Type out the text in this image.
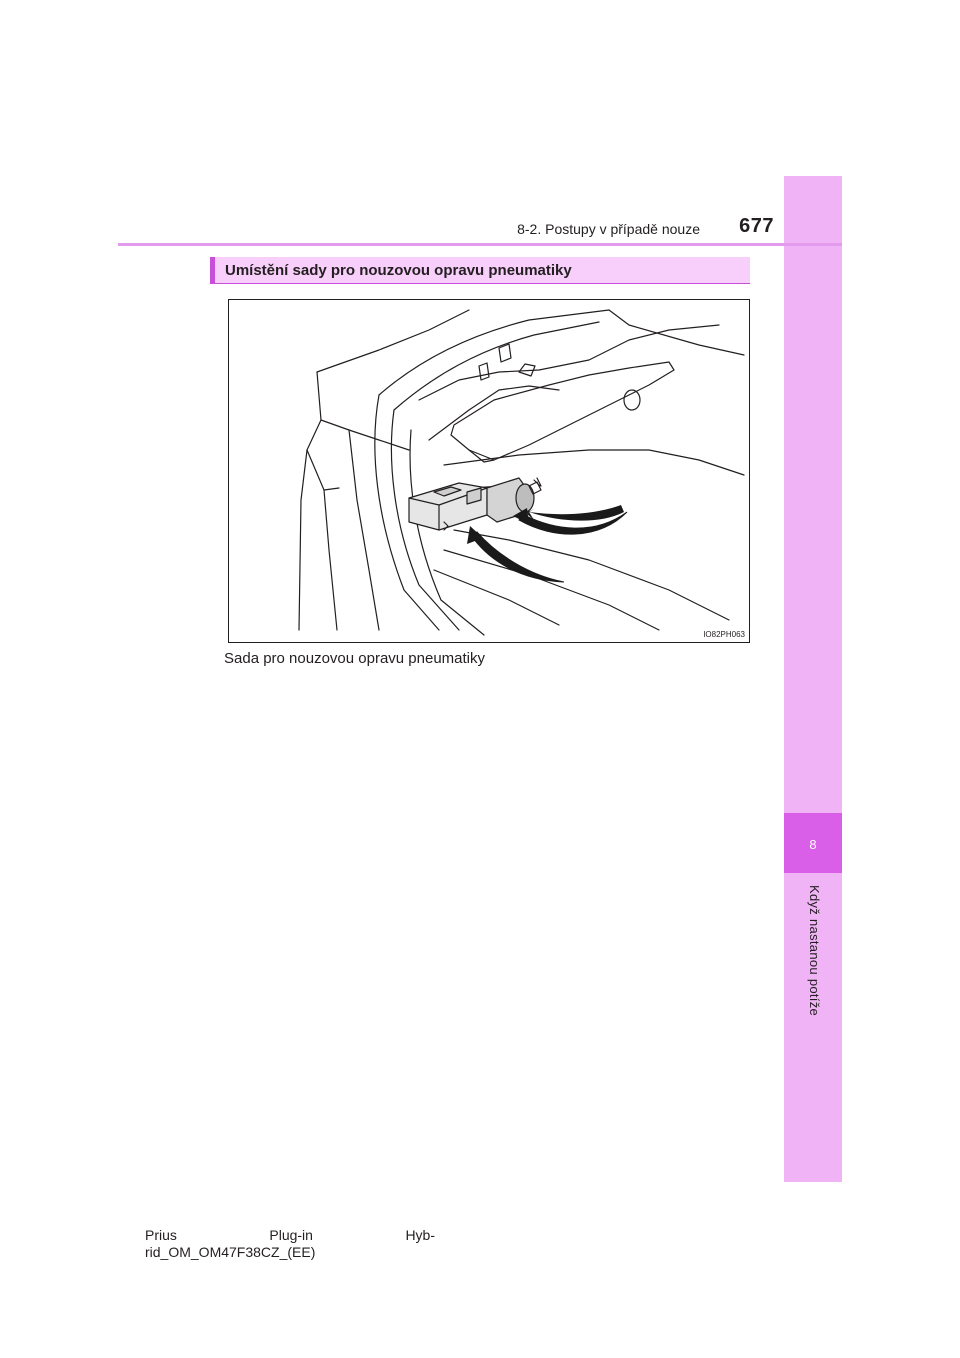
8
Když nastanou potíže
8-2. Postupy v případě nouze	677
Umístění sady pro nouzovou opravu pneumatiky
IO82PH063
Sada pro nouzovou opravu pneumatiky
Prius	Plug-in	Hyb-
rid_OM_OM47F38CZ_(EE)
